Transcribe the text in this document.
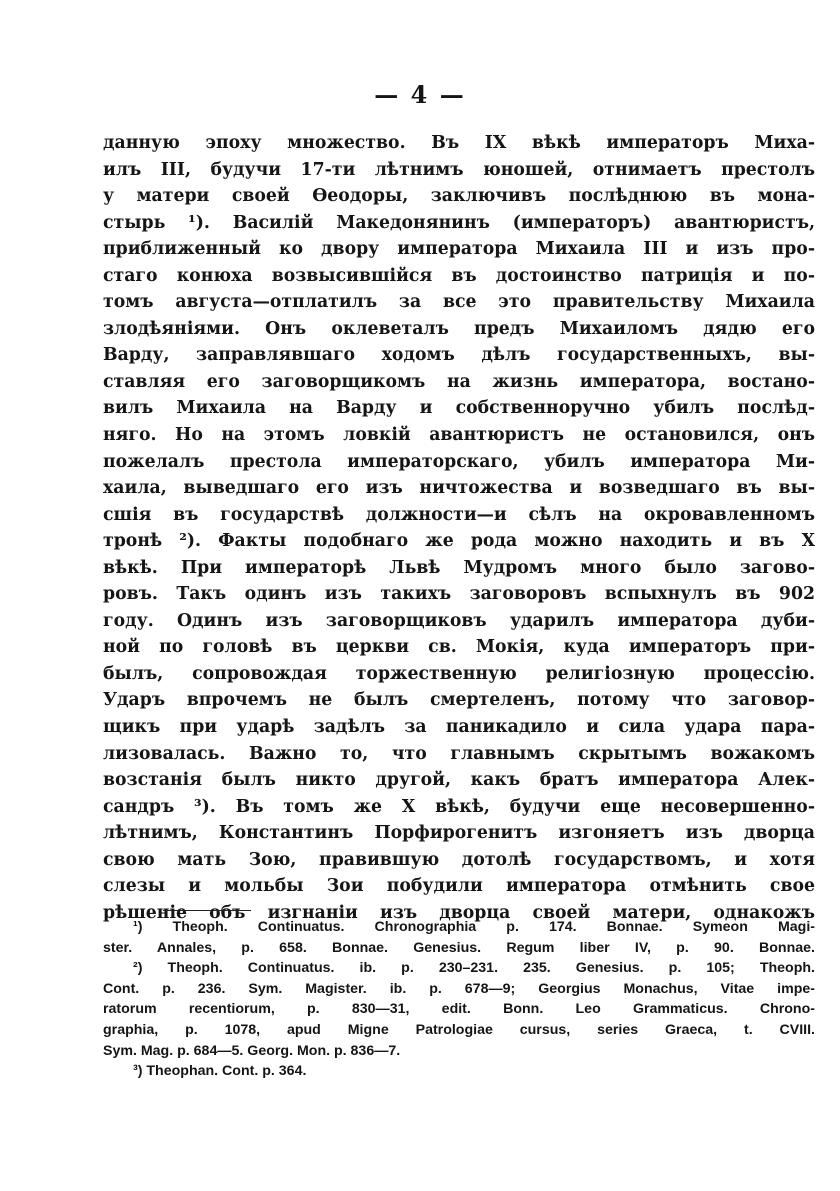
— 4 —
данную эпоху множество. Въ IX вѣкѣ императоръ Миха-
илъ III, будучи 17-ти лѣтнимъ юношей, отнимаетъ престолъ
у матери своей Ѳеодоры, заключивъ послѣднюю въ мона-
стырь ¹). Василій Македонянинъ (императоръ) авантюристъ,
приближенный ко двору императора Михаила III и изъ про-
стаго конюха возвысившійся въ достоинство патриція и по-
томъ августа—отплатилъ за все это правительству Михаила
злодѣяніями. Онъ оклеветалъ предъ Михаиломъ дядю его
Варду, заправлявшаго ходомъ дѣлъ государственныхъ, вы-
ставляя его заговорщикомъ на жизнь императора, востано-
вилъ Михаила на Варду и собственноручно убилъ послѣд-
няго. Но на этомъ ловкій авантюристъ не остановился, онъ
пожелалъ престола императорскаго, убилъ императора Ми-
хаила, выведшаго его изъ ничтожества и возведшаго въ вы-
сшія въ государствѣ должности—и сѣлъ на окровавленномъ
тронѣ ²). Факты подобнаго же рода можно находить и въ X
вѣкѣ. При императорѣ Львѣ Мудромъ много было загово-
ровъ. Такъ одинъ изъ такихъ заговоровъ вспыхнулъ въ 902
году. Одинъ изъ заговорщиковъ ударилъ императора дуби-
ной по головѣ въ церкви св. Мокія, куда императоръ при-
былъ, сопровождая торжественную религіозную процессію.
Ударъ впрочемъ не былъ смертеленъ, потому что заговор-
щикъ при ударѣ задѣлъ за паникадило и сила удара пара-
лизовалась. Важно то, что главнымъ скрытымъ вожакомъ
возстанія былъ никто другой, какъ братъ императора Алек-
сандръ ³). Въ томъ же X вѣкѣ, будучи еще несовершенно-
лѣтнимъ, Константинъ Порфирогенитъ изгоняетъ изъ дворца
свою мать Зою, правившую дотолѣ государствомъ, и хотя
слезы и мольбы Зои побудили императора отмѣнить свое
рѣшеніе объ изгнаніи изъ дворца своей матери, однакожъ
¹) Theoph. Continuatus. Chronographia p. 174. Bonnae. Symeon Magi-
ster. Annales, p. 658. Bonnae. Genesius. Regum liber IV, p. 90. Bonnae.
²) Theoph. Continuatus. ib. p. 230–231. 235. Genesius. p. 105; Theoph.
Cont. p. 236. Sym. Magister. ib. p. 678—9; Georgius Monachus, Vitae impe-
ratorum recentiorum, p. 830—31, edit. Bonn. Leo Grammaticus. Chrono-
graphia, p. 1078, apud Migne Patrologiae cursus, series Graeca, t. CVIII.
Sym. Mag. p. 684—5. Georg. Mon. p. 836—7.
³) Theophan. Cont. p. 364.
